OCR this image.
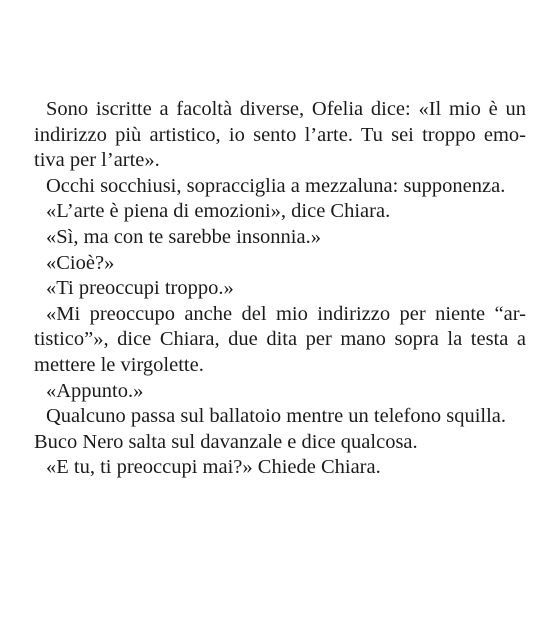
Sono iscritte a facoltà diverse, Ofelia dice: «Il mio è un
indirizzo più artistico, io sento l’arte. Tu sei troppo emo-
tiva per l’arte».
Occhi socchiusi, sopracciglia a mezzaluna: supponenza.
«L’arte è piena di emozioni», dice Chiara.
«Sì, ma con te sarebbe insonnia.»
«Cioè?»
«Ti preoccupi troppo.»
«Mi preoccupo anche del mio indirizzo per niente “ar-
tistico”», dice Chiara, due dita per mano sopra la testa a
mettere le virgolette.
«Appunto.»
Qualcuno passa sul ballatoio mentre un telefono squilla.
Buco Nero salta sul davanzale e dice qualcosa.
«E tu, ti preoccupi mai?» Chiede Chiara.
